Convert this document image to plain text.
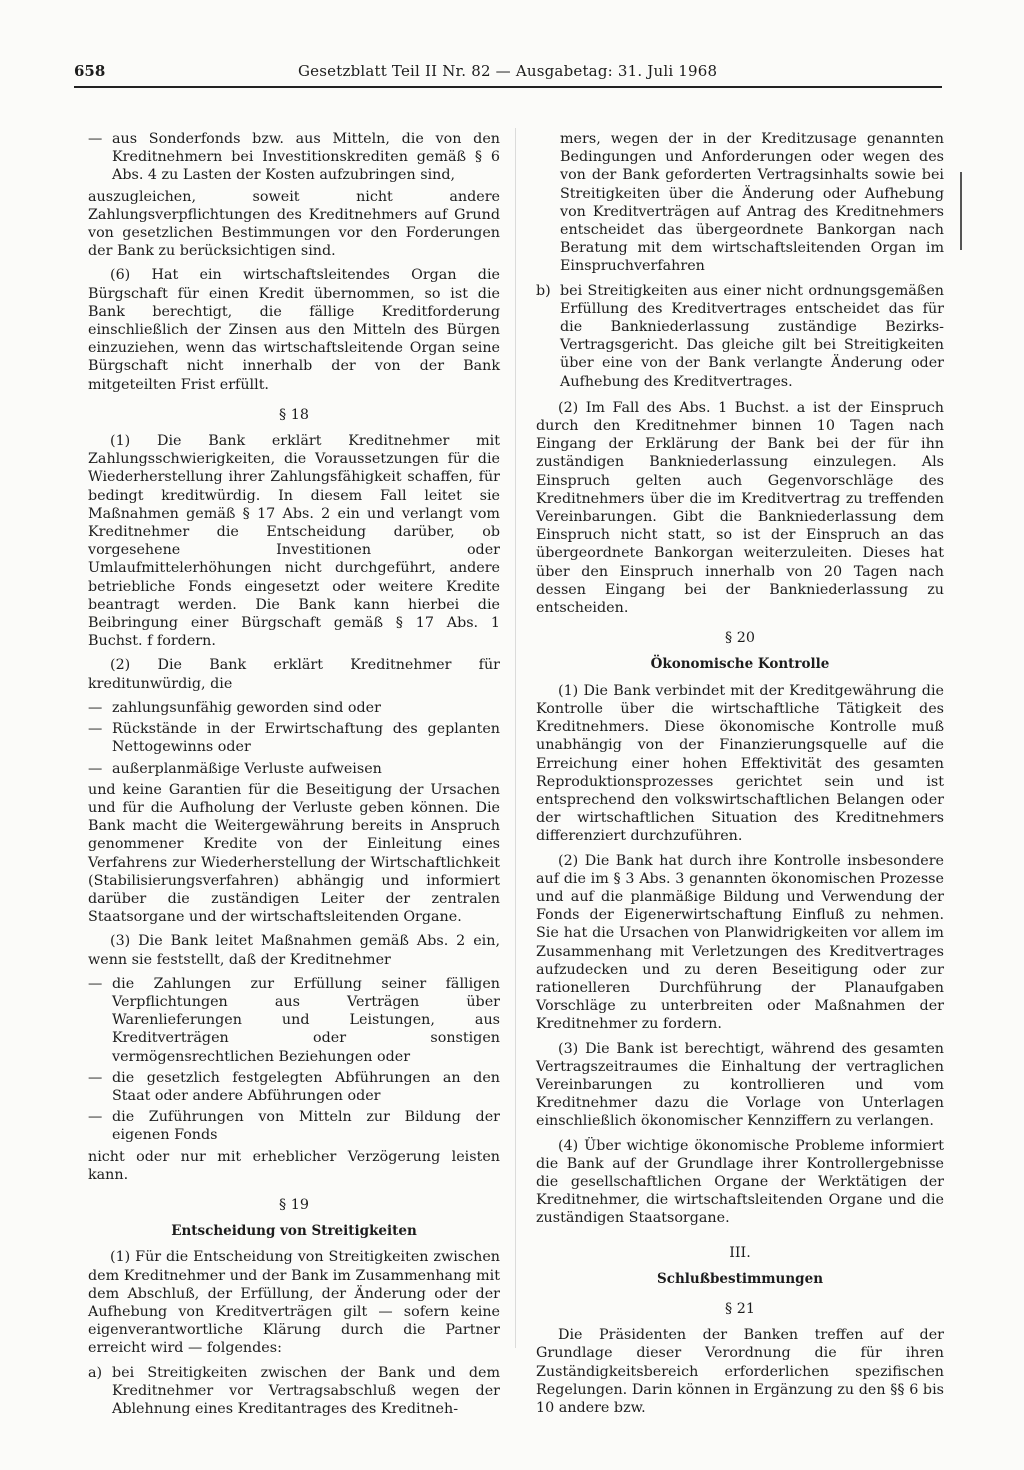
658	Gesetzblatt Teil II Nr. 82 — Ausgabetag: 31. Juli 1968
— aus Sonderfonds bzw. aus Mitteln, die von den Kreditnehmern bei Investitionskrediten gemäß § 6 Abs. 4 zu Lasten der Kosten aufzubringen sind,

auszugleichen, soweit nicht andere Zahlungsverpflichtungen des Kreditnehmers auf Grund von gesetzlichen Bestimmungen vor den Forderungen der Bank zu berücksichtigen sind.

(6) Hat ein wirtschaftsleitendes Organ die Bürgschaft für einen Kredit übernommen, so ist die Bank berechtigt, die fällige Kreditforderung einschließlich der Zinsen aus den Mitteln des Bürgen einzuziehen, wenn das wirtschaftsleitende Organ seine Bürgschaft nicht innerhalb der von der Bank mitgeteilten Frist erfüllt.

§ 18

(1) Die Bank erklärt Kreditnehmer mit Zahlungsschwierigkeiten, die Voraussetzungen für die Wiederherstellung ihrer Zahlungsfähigkeit schaffen, für bedingt kreditwürdig. In diesem Fall leitet sie Maßnahmen gemäß § 17 Abs. 2 ein und verlangt vom Kreditnehmer die Entscheidung darüber, ob vorgesehene Investitionen oder Umlaufmittelerhöhungen nicht durchgeführt, andere betriebliche Fonds eingesetzt oder weitere Kredite beantragt werden. Die Bank kann hierbei die Beibringung einer Bürgschaft gemäß § 17 Abs. 1 Buchst. f fordern.

(2) Die Bank erklärt Kreditnehmer für kreditunwürdig, die

— zahlungsunfähig geworden sind oder
— Rückstände in der Erwirtschaftung des geplanten Nettogewinns oder
— außerplanmäßige Verluste aufweisen

und keine Garantien für die Beseitigung der Ursachen und für die Aufholung der Verluste geben können. Die Bank macht die Weitergewährung bereits in Anspruch genommener Kredite von der Einleitung eines Verfahrens zur Wiederherstellung der Wirtschaftlichkeit (Stabilisierungsverfahren) abhängig und informiert darüber die zuständigen Leiter der zentralen Staatsorgane und der wirtschaftsleitenden Organe.

(3) Die Bank leitet Maßnahmen gemäß Abs. 2 ein, wenn sie feststellt, daß der Kreditnehmer

— die Zahlungen zur Erfüllung seiner fälligen Verpflichtungen aus Verträgen über Warenlieferungen und Leistungen, aus Kreditverträgen oder sonstigen vermögensrechtlichen Beziehungen oder
— die gesetzlich festgelegten Abführungen an den Staat oder andere Abführungen oder
— die Zuführungen von Mitteln zur Bildung der eigenen Fonds

nicht oder nur mit erheblicher Verzögerung leisten kann.

§ 19
Entscheidung von Streitigkeiten

(1) Für die Entscheidung von Streitigkeiten zwischen dem Kreditnehmer und der Bank im Zusammenhang mit dem Abschluß, der Erfüllung, der Änderung oder der Aufhebung von Kreditverträgen gilt — sofern keine eigenverantwortliche Klärung durch die Partner erreicht wird — folgendes:

a) bei Streitigkeiten zwischen der Bank und dem Kreditnehmer vor Vertragsabschluß wegen der Ablehnung eines Kreditantrages des Kreditneh-
mers, wegen der in der Kreditzusage genannten Bedingungen und Anforderungen oder wegen des von der Bank geforderten Vertragsinhalts sowie bei Streitigkeiten über die Änderung oder Aufhebung von Kreditverträgen auf Antrag des Kreditnehmers entscheidet das übergeordnete Bankorgan nach Beratung mit dem wirtschaftsleitenden Organ im Einspruchverfahren
b) bei Streitigkeiten aus einer nicht ordnungsgemäßen Erfüllung des Kreditvertrages entscheidet das für die Bankniederlassung zuständige Bezirks-Vertragsgericht. Das gleiche gilt bei Streitigkeiten über eine von der Bank verlangte Änderung oder Aufhebung des Kreditvertrages.

(2) Im Fall des Abs. 1 Buchst. a ist der Einspruch durch den Kreditnehmer binnen 10 Tagen nach Eingang der Erklärung der Bank bei der für ihn zuständigen Bankniederlassung einzulegen. Als Einspruch gelten auch Gegenvorschläge des Kreditnehmers über die im Kreditvertrag zu treffenden Vereinbarungen. Gibt die Bankniederlassung dem Einspruch nicht statt, so ist der Einspruch an das übergeordnete Bankorgan weiterzuleiten. Dieses hat über den Einspruch innerhalb von 20 Tagen nach dessen Eingang bei der Bankniederlassung zu entscheiden.

§ 20
Ökonomische Kontrolle

(1) Die Bank verbindet mit der Kreditgewährung die Kontrolle über die wirtschaftliche Tätigkeit des Kreditnehmers. Diese ökonomische Kontrolle muß unabhängig von der Finanzierungsquelle auf die Erreichung einer hohen Effektivität des gesamten Reproduktionsprozesses gerichtet sein und ist entsprechend den volkswirtschaftlichen Belangen oder der wirtschaftlichen Situation des Kreditnehmers differenziert durchzuführen.

(2) Die Bank hat durch ihre Kontrolle insbesondere auf die im § 3 Abs. 3 genannten ökonomischen Prozesse und auf die planmäßige Bildung und Verwendung der Fonds der Eigenerwirtschaftung Einfluß zu nehmen. Sie hat die Ursachen von Planwidrigkeiten vor allem im Zusammenhang mit Verletzungen des Kreditvertrages aufzudecken und zu deren Beseitigung oder zur rationelleren Durchführung der Planaufgaben Vorschläge zu unterbreiten oder Maßnahmen der Kreditnehmer zu fordern.

(3) Die Bank ist berechtigt, während des gesamten Vertragszeitraumes die Einhaltung der vertraglichen Vereinbarungen zu kontrollieren und vom Kreditnehmer dazu die Vorlage von Unterlagen einschließlich ökonomischer Kennziffern zu verlangen.

(4) Über wichtige ökonomische Probleme informiert die Bank auf der Grundlage ihrer Kontrollergebnisse die gesellschaftlichen Organe der Werktätigen der Kreditnehmer, die wirtschaftsleitenden Organe und die zuständigen Staatsorgane.

III.
Schlußbestimmungen
§ 21

Die Präsidenten der Banken treffen auf der Grundlage dieser Verordnung die für ihren Zuständigkeitsbereich erforderlichen spezifischen Regelungen. Darin können in Ergänzung zu den §§ 6 bis 10 andere bzw.
